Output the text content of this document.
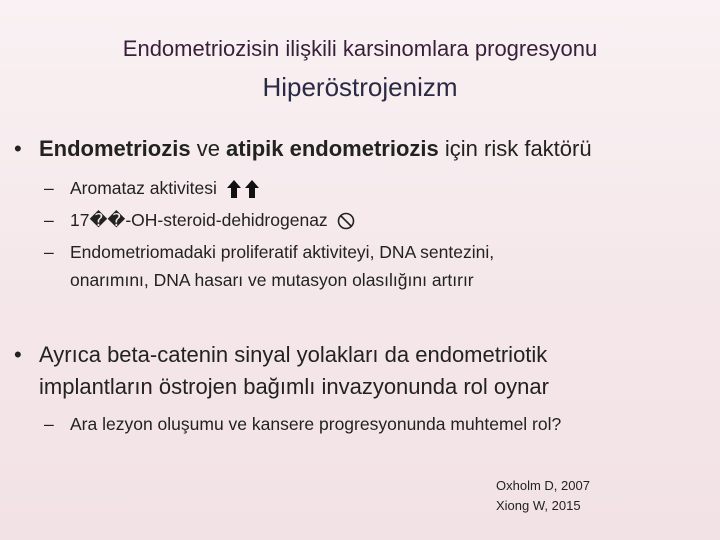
Endometriozisin ilişkili karsinomlara progresyonu
Hiperöstrojenizm
• Endometriozis ve atipik endometriozis için risk faktörü
– Aromataz aktivitesi
– 17��-OH-steroid-dehidrogenaz
– Endometriomadaki proliferatif aktiviteyi, DNA sentezini,
onarımını, DNA hasarı ve mutasyon olasılığını artırır
• Ayrıca beta-catenin sinyal yolakları da endometriotik
implantların östrojen bağımlı invazyonunda rol oynar
– Ara lezyon oluşumu ve kansere progresyonunda muhtemel rol?
Oxholm D, 2007
Xiong W, 2015
